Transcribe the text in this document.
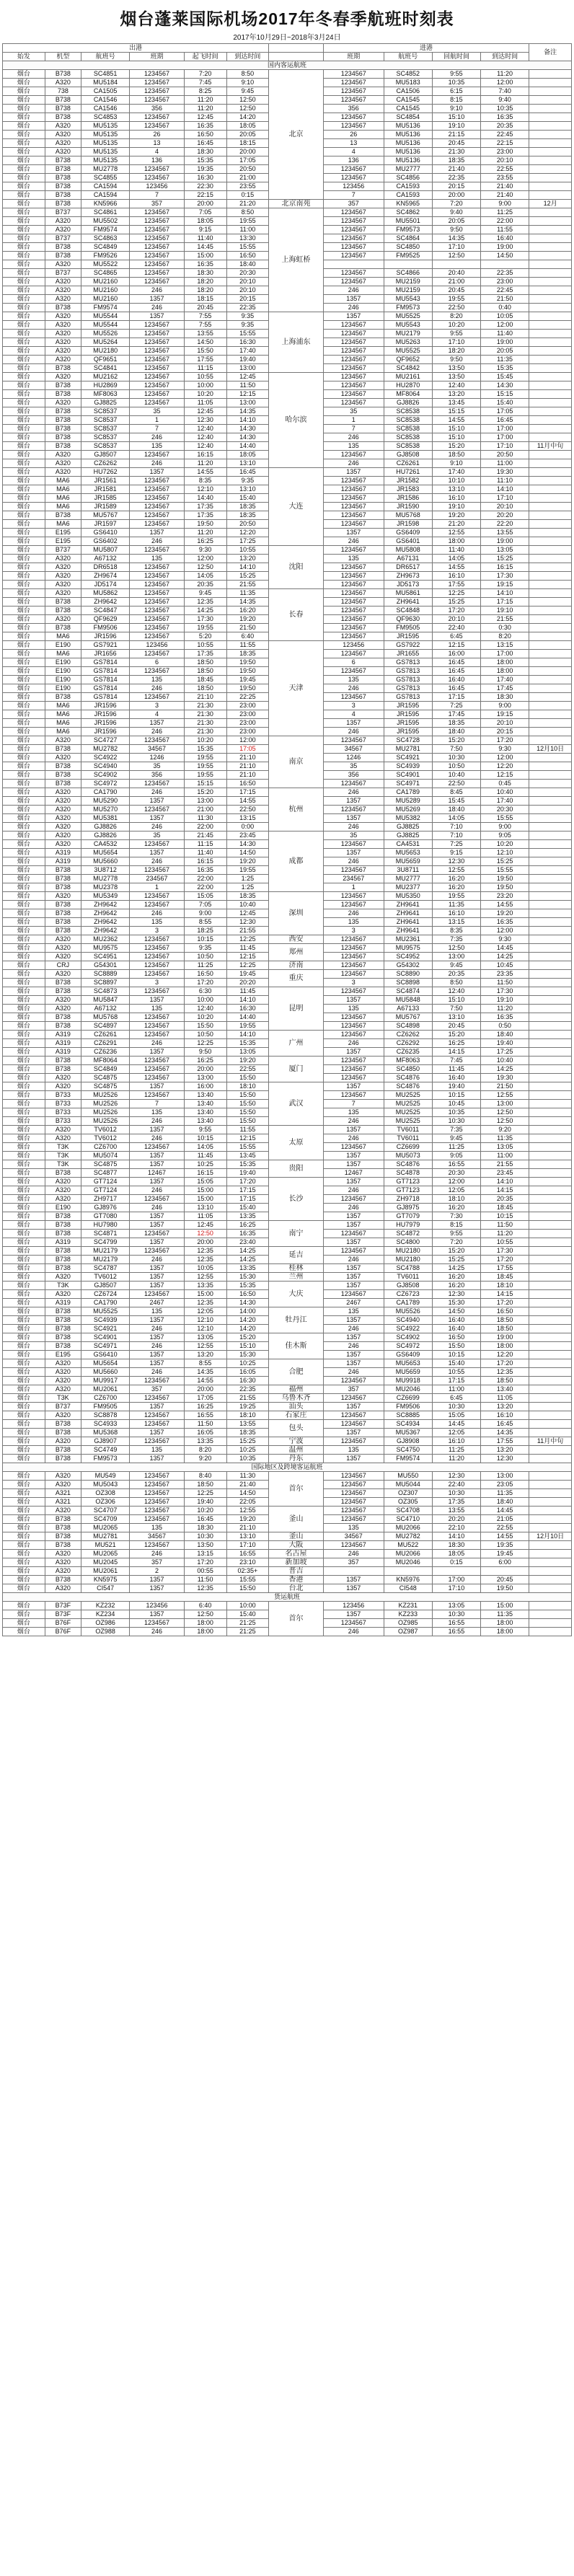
烟台蓬莱国际机场2017年冬春季航班时刻表
2017年10月29日~2018年3月24日
出港							进港				备注
始发	机型	航班号	班期	起飞时间	到达时间		班期	航班号	回航时间	到达时间	
国内客运航班											
烟台	B738	SC4851	1234567	7:20	8:50	北京	1234567	SC4852	9:55	11:20	
烟台	A320	MU5184	1234567	7:45	9:10		1234567	MU5183	10:35	12:00	
烟台	738	CA1505	1234567	8:25	9:45		1234567	CA1506	6:15	7:40	
烟台	B738	CA1546	1234567	11:20	12:50		1234567	CA1545	8:15	9:40	
烟台	B738	CA1546	356	11:20	12:50		356	CA1545	9:10	10:35	
烟台	B738	SC4853	1234567	12:45	14:20		1234567	SC4854	15:10	16:35	
烟台	A320	MU5135	1234567	16:35	18:05		1234567	MU5136	19:10	20:35	
烟台	A320	MU5135	26	16:50	20:05		26	MU5136	21:15	22:45	
烟台	A320	MU5135	13	16:45	18:15		13	MU5136	20:45	22:15	
烟台	A320	MU5135	4	18:30	20:00		4	MU5136	21:30	23:00	
烟台	B738	MU5135	136	15:35	17:05		136	MU5136	18:35	20:10	
烟台	B738	MU2778	1234567	19:35	20:50		1234567	MU2777	21:40	22:55	
烟台	B738	SC4855	1234567	16:30	21:00		1234567	SC4856	22:35	23:55	
烟台	B738	CA1594	123456	22:30	23:55		123456	CA1593	20:15	21:40	
烟台	B738	CA1594	7	22:15	0:15		7	CA1593	20:00	21:40	
烟台	B738	KN5966	357	20:00	21:20	北京南苑	357	KN5965	7:20	9:00	12月
烟台	B737	SC4861	1234567	7:05	8:50	上海虹桥	1234567	SC4862	9:40	11:25	
烟台	A320	MU5502	1234567	18:05	19:55		1234567	MU5501	20:05	22:00	
烟台	A320	FM9574	1234567	9:15	11:00		1234567	FM9573	9:50	11:55	
烟台	B737	SC4863	1234567	11:40	13:30		1234567	SC4864	14:35	16:40	
烟台	B738	SC4849	1234567	14:45	15:55		1234567	SC4850	17:10	19:00	
烟台	B738	FM9526	1234567	15:00	16:50		1234567	FM9525	12:50	14:50	
烟台	A320	MU5522	1234567	16:35	18:40						
烟台	B737	SC4865	1234567	18:30	20:30		1234567	SC4866	20:40	22:35	
烟台	A320	MU2160	1234567	18:20	20:10		1234567	MU2159	21:00	23:00	
烟台	A320	MU2160	246	18:20	20:10		246	MU2159	20:45	22:45	
烟台	A320	MU2160	1357	18:15	20:15		1357	MU5543	19:55	21:50	
烟台	B738	FM9574	246	20:45	22:35		246	FM9573	22:50	0:40	
烟台	A320	MU5544	1357	7:55	9:35	上海浦东	1357	MU5525	8:20	10:05	
烟台	A320	MU5544	1234567	7:55	9:35		1234567	MU5543	10:20	12:00	
烟台	A320	MU5526	1234567	13:55	15:55		1234567	MU2179	9:55	11:40	
烟台	A320	MU5264	1234567	14:50	16:30		1234567	MU5263	17:10	19:00	
烟台	A320	MU2180	1234567	15:50	17:40		1234567	MU5525	18:20	20:05	
烟台	A320	QF9651	1234567	17:55	19:40		1234567	QF9652	9:50	11:35	
烟台	B738	SC4841	1234567	11:15	13:00		1234567	SC4842	13:50	15:35	
烟台	A320	MU2162	1234567	10:55	12:45	哈尔滨	1234567	MU2161	13:50	15:45	
烟台	B738	HU2869	1234567	10:00	11:50		1234567	HU2870	12:40	14:30	
烟台	B738	MF8063	1234567	10:20	12:15		1234567	MF8064	13:20	15:15	
烟台	A320	GJ8825	1234567	11:05	13:00		1234567	GJ8826	13:45	15:40	
烟台	B738	SC8537	35	12:45	14:35		35	SC8538	15:15	17:05	
烟台	B738	SC8537	1	12:30	14:10		1	SC8538	14:55	16:45	
烟台	B738	SC8537	7	12:40	14:30		7	SC8538	15:10	17:00	
烟台	B738	SC8537	246	12:40	14:30		246	SC8538	15:10	17:00	
烟台	B738	SC8537	135	12:40	14:40		135	SC8538	15:20	17:10	11月中旬
烟台	A320	GJ8507	1234567	16:15	18:05		1234567	GJ8508	18:50	20:50	
烟台	A320	CZ6262	246	11:20	13:10		246	CZ6261	9:10	11:00	
烟台	A320	HU7262	1357	14:55	16:45	大连	1357	HU7261	17:40	19:30	
烟台	MA6	JR1561	1234567	8:35	9:35		1234567	JR1582	10:10	11:10	
烟台	MA6	JR1581	1234567	12:10	13:10		1234567	JR1583	13:10	14:10	
烟台	MA6	JR1585	1234567	14:40	15:40		1234567	JR1586	16:10	17:10	
烟台	MA6	JR1589	1234567	17:35	18:35		1234567	JR1590	19:10	20:10	
烟台	B738	MU5767	1234567	17:35	18:35		1234567	MU5768	19:20	20:20	
烟台	MA6	JR1597	1234567	19:50	20:50		1234567	JR1598	21:20	22:20	
烟台	E195	GS6410	1357	11:20	12:20		1357	GS6409	12:55	13:55	
烟台	E195	GS6402	246	16:25	17:25		246	GS6401	18:00	19:00	
烟台	B737	MU5807	1234567	9:30	10:55	沈阳	1234567	MU5808	11:40	13:05	
烟台	A320	A67132	135	12:00	13:20		135	A67131	14:05	15:25	
烟台	A320	DR6518	1234567	12:50	14:10		1234567	DR6517	14:55	16:15	
烟台	A320	ZH9674	1234567	14:05	15:25		1234567	ZH9673	16:10	17:30	
烟台	A320	JD5174	1234567	20:35	21:55		1234567	JD5173	17:55	19:15	
烟台	A320	MU5862	1234567	9:45	11:35	长春	1234567	MU5861	12:25	14:10	
烟台	B738	ZH9642	1234567	12:35	14:35		1234567	ZH9641	15:25	17:15	
烟台	B738	SC4847	1234567	14:25	16:20		1234567	SC4848	17:20	19:10	
烟台	A320	QF9629	1234567	17:30	19:20		1234567	QF9630	20:10	21:55	
烟台	B738	FM9506	1234567	19:55	21:50		1234567	FM9505	22:40	0:30	
烟台	MA6	JR1596	1234567	5:20	6:40		1234567	JR1595	6:45	8:20	
烟台	E190	GS7921	123456	10:55	11:55	天津	123456	GS7922	12:15	13:15	
烟台	MA6	JR1656	1234567	17:35	18:35		1234567	JR1655	16:00	17:00	
烟台	E190	GS7814	6	18:50	19:50		6	GS7813	16:45	18:00	
烟台	E190	GS7814	1234567	18:50	19:50		1234567	GS7813	16:45	18:00	
烟台	E190	GS7814	135	18:45	19:45		135	GS7813	16:40	17:40	
烟台	E190	GS7814	246	18:50	19:50		246	GS7813	16:45	17:45	
烟台	B738	GS7814	1234567	21:10	22:25		1234567	GS7813	17:15	18:30	
烟台	MA6	JR1596	3	21:30	23:00		3	JR1595	7:25	9:00	
烟台	MA6	JR1596	4	21:30	23:00		4	JR1595	17:45	19:15	
烟台	MA6	JR1596	1357	21:30	23:00		1357	JR1595	18:35	20:10	
烟台	MA6	JR1596	246	21:30	23:00		246	JR1595	18:40	20:15	
烟台	A320	SC4727	1234567	10:20	12:00	南京	1234567	SC4728	15:20	17:20	
烟台	B738	MU2782	34567	15:35	17:05		34567	MU2781	7:50	9:30	12月10日
烟台	A320	SC4922	1246	19:55	21:10		1246	SC4921	10:30	12:00	
烟台	B738	SC4940	35	19:55	21:10		35	SC4939	10:50	12:20	
烟台	B738	SC4902	356	19:55	21:10		356	SC4901	10:40	12:15	
烟台	B738	SC4972	1234567	15:15	16:50		1234567	SC4971	22:50	0:45	
烟台	A320	CA1790	246	15:20	17:15	杭州	246	CA1789	8:45	10:40	
烟台	A320	MU5290	1357	13:00	14:55		1357	MU5289	15:45	17:40	
烟台	A320	MU5270	1234567	21:00	22:50		1234567	MU5269	18:40	20:30	
烟台	A320	MU5381	1357	11:30	13:15		1357	MU5382	14:05	15:55	
烟台	A320	GJ8826	246	22:00	0:00		246	GJ8825	7:10	9:00	
烟台	A320	GJ8826	35	21:45	23:45	成都	35	GJ8825	7:10	9:05	
烟台	A320	CA4532	1234567	11:15	14:30		1234567	CA4531	7:25	10:20	
烟台	A319	MU5654	1357	11:40	14:50		1357	MU5653	9:15	12:10	
烟台	A319	MU5660	246	16:15	19:20		246	MU5659	12:30	15:25	
烟台	B738	3U8712	1234567	16:35	19:55		1234567	3U8711	12:55	15:55	
烟台	B738	MU2778	234567	22:00	1:25		234567	MU2777	16:20	19:50	
烟台	B738	MU2378	1	22:00	1:25		1	MU2377	16:20	19:50	
烟台	A320	MU5349	1234567	15:05	18:35	深圳	1234567	MU5350	19:55	23:20	
烟台	B738	ZH9642	1234567	7:05	10:40		1234567	ZH9641	11:35	14:55	
烟台	B738	ZH9642	246	9:00	12:45		246	ZH9641	16:10	19:20	
烟台	B738	ZH9642	135	8:55	12:30		135	ZH9641	13:15	16:35	
烟台	B738	ZH9642	3	18:25	21:55		3	ZH9641	8:35	12:00	
烟台	A320	MU2362	1234567	10:15	12:25	西安	1234567	MU2361	7:35	9:30	
烟台	A320	MU9575	1234567	9:35	11:45	郑州	1234567	MU9575	12:50	14:45	
烟台	A320	SC4951	1234567	10:50	12:15		1234567	SC4952	13:00	14:25	
烟台	CRJ	G54301	1234567	11:25	12:25	济南	1234567	G54302	9:45	10:45	
烟台	A320	SC8889	1234567	16:50	19:45	重庆	1234567	SC8890	20:35	23:35	
烟台	B738	SC8897	3	17:20	20:20		3	SC8898	8:50	11:50	
烟台	B738	SC4873	1234567	6:30	11:45	昆明	1234567	SC4874	12:40	17:30	
烟台	A320	MU5847	1357	10:00	14:10		1357	MU5848	15:10	19:10	
烟台	A320	A67132	135	12:40	16:30		135	A67133	7:50	11:20	
烟台	B738	MU5768	1234567	10:20	14:40		1234567	MU5767	13:10	16:35	
烟台	B738	SC4897	1234567	15:50	19:55		1234567	SC4898	20:45	0:50	
烟台	A319	CZ6261	1234567	10:50	14:10	广州	1234567	CZ6262	15:20	18:40	
烟台	A319	CZ6291	246	12:25	15:35		246	CZ6292	16:25	19:40	
烟台	A319	CZ6236	1357	9:50	13:05		1357	CZ6235	14:15	17:25	
烟台	B738	MF8064	1234567	16:25	19:20	厦门	1234567	MF8063	7:45	10:40	
烟台	B738	SC4849	1234567	20:00	22:55		1234567	SC4850	11:45	14:25	
烟台	A320	SC4875	1234567	13:00	15:50		1234567	SC4876	16:40	19:30	
烟台	A320	SC4875	1357	16:00	18:10	武汉	1357	SC4876	19:40	21:50	
烟台	B733	MU2526	1234567	13:40	15:50		1234567	MU2525	10:15	12:55	
烟台	B733	MU2526	7	13:40	15:50		7	MU2525	10:45	13:00	
烟台	B733	MU2526	135	13:40	15:50		135	MU2525	10:35	12:50	
烟台	B733	MU2526	246	13:40	15:50		246	MU2525	10:30	12:50	
烟台	A320	TV6012	1357	9:55	11:55	太原	1357	TV6011	7:35	9:20	
烟台	A320	TV6012	246	10:15	12:15		246	TV6011	9:45	11:35	
烟台	T3K	CZ6700	1234567	14:05	15:55		1234567	CZ6699	11:25	13:05	
烟台	T3K	MU5074	1357	11:45	13:45		1357	MU5073	9:05	11:00	
烟台	T3K	SC4875	1357	10:25	15:35	贵阳	1357	SC4876	16:55	21:55	
烟台	B738	SC4877	12467	16:15	19:40		12467	SC4878	20:30	23:45	
烟台	A320	GT7124	1357	15:05	17:20	长沙	1357	GT7123	12:00	14:10	
烟台	A320	GT7124	246	15:00	17:15		246	GT7123	12:05	14:15	
烟台	A320	ZH9717	1234567	15:00	17:15		1234567	ZH9718	18:10	20:35	
烟台	E190	GJ8976	246	13:10	15:40		246	GJ8975	16:20	18:45	
烟台	B738	GT7080	1357	11:05	13:35		1357	GT7079	7:30	10:15	
烟台	B738	HU7980	1357	12:45	16:25	南宁	1357	HU7979	8:15	11:50	
烟台	B738	SC4871	1234567	12:50	16:35		1234567	SC4872	9:55	11:20	
烟台	A319	SC4799	1357	20:00	23:40		1357	SC4800	7:20	10:55	
烟台	B738	MU2179	1234567	12:35	14:25	延吉	1234567	MU2180	15:20	17:30	
烟台	B738	MU2179	246	12:35	14:25		246	MU2180	15:25	17:20	
烟台	B738	SC4787	1357	10:05	13:35	桂林	1357	SC4788	14:25	17:55	
烟台	A320	TV6012	1357	12:55	15:30	兰州	1357	TV6011	16:20	18:45	
烟台	T3K	GJ8507	1357	13:35	15:35	大庆	1357	GJ8508	16:20	18:10	
烟台	A320	CZ6724	1234567	15:00	16:50		1234567	CZ6723	12:30	14:15	
烟台	A319	CA1790	2467	12:35	14:30		2467	CA1789	15:30	17:20	
烟台	B738	MU5525	135	12:05	14:00	牡丹江	135	MU5526	14:50	16:50	
烟台	B738	SC4939	1357	12:10	14:20		1357	SC4940	16:40	18:50	
烟台	B738	SC4921	246	12:10	14:20		246	SC4922	16:40	18:50	
烟台	B738	SC4901	1357	13:05	15:20	佳木斯	1357	SC4902	16:50	19:00	
烟台	B738	SC4971	246	12:55	15:10		246	SC4972	15:50	18:00	
烟台	E195	GS6410	1357	13:20	15:30		1357	GS6409	10:15	12:20	
烟台	A320	MU5654	1357	8:55	10:25	合肥	1357	MU5653	15:40	17:20	
烟台	A320	MU5660	246	14:35	16:05		246	MU5659	10:55	12:35	
烟台	A320	MU9917	1234567	14:55	16:30		1234567	MU9918	17:15	18:50	
烟台	A320	MU2061	357	20:00	22:35	福州	357	MU2046	11:00	13:40	
烟台	T3K	CZ6700	1234567	17:05	21:55	乌鲁木齐	1234567	CZ6699	6:45	11:05	
烟台	B737	FM9505	1357	16:25	19:25	汕头	1357	FM9506	10:30	13:20	
烟台	A320	SC8878	1234567	16:55	18:10	石家庄	1234567	SC8885	15:05	16:10	
烟台	B738	SC4933	1234567	11:50	13:55	包头	1234567	SC4934	14:45	16:45	
烟台	B738	MU5368	1357	16:05	18:35		1357	MU5367	12:05	14:35	
烟台	A320	GJ8907	1234567	13:35	15:25	宁波	1234567	GJ8908	16:10	17:55	11月中旬
烟台	B738	SC4749	135	8:20	10:25	温州	135	SC4750	11:25	13:20	
烟台	B738	FM9573	1357	9:20	10:35	丹东	1357	FM9574	11:20	12:30	
国际地区及跨境客运航班											
烟台	A320	MU549	1234567	8:40	11:30	首尔	1234567	MU550	12:30	13:00	
烟台	A320	MU5043	1234567	18:50	21:40		1234567	MU5044	22:40	23:05	
烟台	A321	OZ308	1234567	12:25	14:50		1234567	OZ307	10:30	11:35	
烟台	A321	OZ306	1234567	19:40	22:05		1234567	OZ305	17:35	18:40	
烟台	A320	SC4707	1234567	10:20	12:55	釜山	1234567	SC4708	13:55	14:45	
烟台	B738	SC4709	1234567	16:45	19:20		1234567	SC4710	20:20	21:05	
烟台	B738	MU2065	135	18:30	21:10		135	MU2066	22:10	22:55	
烟台	B738	MU2781	34567	10:30	13:10	釜山	34567	MU2782	14:10	14:55	12月10日
烟台	B738	MU521	1234567	13:50	17:10	大阪	1234567	MU522	18:30	19:35	
烟台	A320	MU2065	246	13:15	16:55	名古屋	246	MU2066	18:05	19:45	
烟台	A320	MU2045	357	17:20	23:10	新加坡	357	MU2046	0:15	6:00	
烟台	A320	MU2061	2	00:55	02:35+	普吉					
烟台	B738	KN5975	1357	11:50	15:55	香港	1357	KN5976	17:00	20:45	
烟台	A320	CI547	1357	12:35	15:50	台北	1357	CI548	17:10	19:50	
货运航班											
烟台	B73F	KZ232	123456	6:40	10:00	首尔	123456	KZ231	13:05	15:00	
烟台	B73F	KZ234	1357	12:50	15:40		1357	KZ233	10:30	11:35	
烟台	B76F	OZ986	1234567	18:00	21:25		1234567	OZ985	16:55	18:00	
烟台	B76F	OZ988	246	18:00	21:25		246	OZ987	16:55	18:00	
